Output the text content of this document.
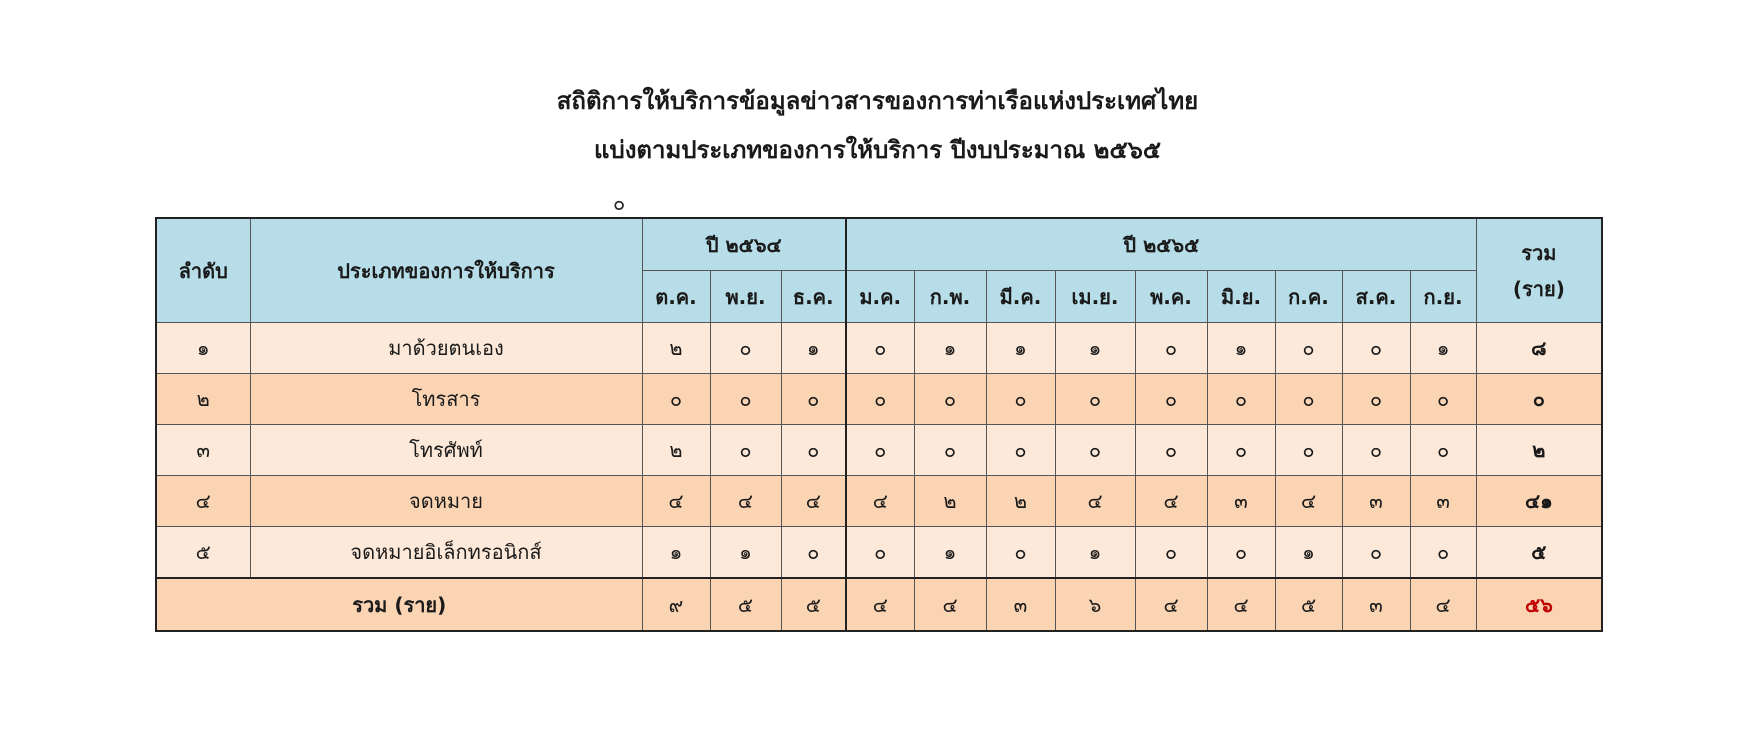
สถิติการให้บริการข้อมูลข่าวสารของการท่าเรือแห่งประเทศไทย
แบ่งตามประเภทของการให้บริการ ปีงบประมาณ ๒๕๖๕
๐
ลำดับ	ประเภทของการให้บริการ	ปี ๒๕๖๔			ปี ๒๕๖๕									รวม
(ราย)

		ต.ค.	พ.ย.	ธ.ค.	ม.ค.	ก.พ.	มี.ค.	เม.ย.	พ.ค.	มิ.ย.	ก.ค.	ส.ค.	ก.ย.	
๑	มาด้วยตนเอง	๒	๐	๑	๐	๑	๑	๑	๐	๑	๐	๐	๑	๘
๒	โทรสาร	๐	๐	๐	๐	๐	๐	๐	๐	๐	๐	๐	๐	๐
๓	โทรศัพท์	๒	๐	๐	๐	๐	๐	๐	๐	๐	๐	๐	๐	๒
๔	จดหมาย	๔	๔	๔	๔	๒	๒	๔	๔	๓	๔	๓	๓	๔๑
๕	จดหมายอิเล็กทรอนิกส์	๑	๑	๐	๐	๑	๐	๑	๐	๐	๑	๐	๐	๕
รวม (ราย)		๙	๕	๕	๔	๔	๓	๖	๔	๔	๕	๓	๔	๕๖
